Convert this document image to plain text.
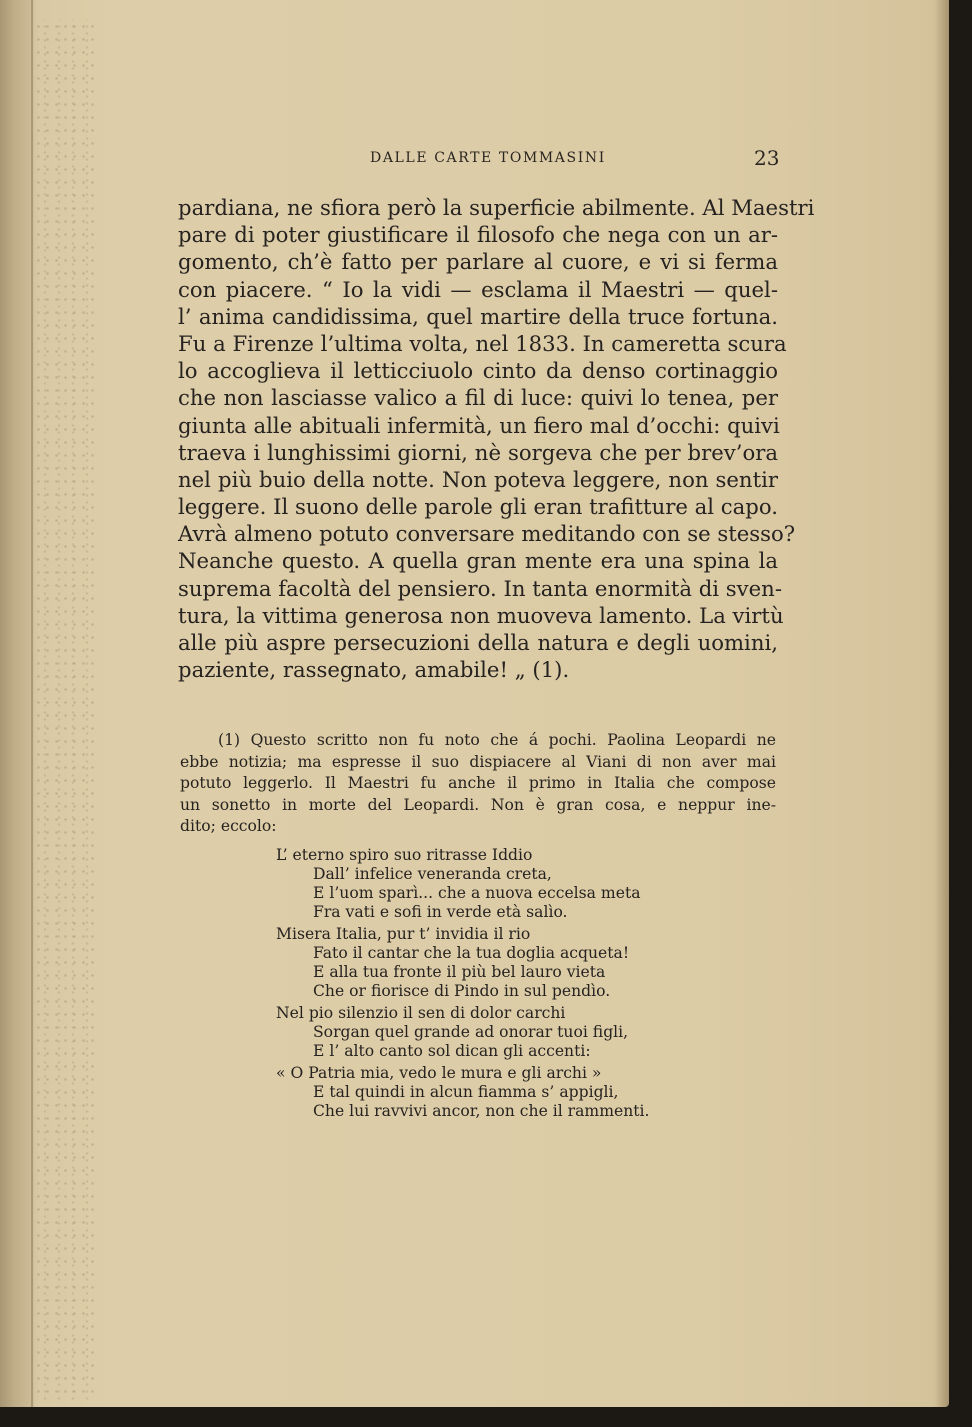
DALLE CARTE TOMMASINI	23
pardiana, ne sfiora però la superficie abilmente. Al Maestri
pare di poter giustificare il filosofo che nega con un ar-
gomento, ch’è fatto per parlare al cuore, e vi si ferma
con piacere. “ Io la vidi — esclama il Maestri — quel-
l’ anima candidissima, quel martire della truce fortuna.
Fu a Firenze l’ultima volta, nel 1833. In cameretta scura
lo accoglieva il letticciuolo cinto da denso cortinaggio
che non lasciasse valico a fil di luce: quivi lo tenea, per
giunta alle abituali infermità, un fiero mal d’occhi: quivi
traeva i lunghissimi giorni, nè sorgeva che per brev’ora
nel più buio della notte. Non poteva leggere, non sentir
leggere. Il suono delle parole gli eran trafitture al capo.
Avrà almeno potuto conversare meditando con se stesso?
Neanche questo. A quella gran mente era una spina la
suprema facoltà del pensiero. In tanta enormità di sven-
tura, la vittima generosa non muoveva lamento. La virtù
alle più aspre persecuzioni della natura e degli uomini,
paziente, rassegnato, amabile! „ (1).
(1) Questo scritto non fu noto che á pochi. Paolina Leopardi ne
ebbe notizia; ma espresse il suo dispiacere al Viani di non aver mai
potuto leggerlo. Il Maestri fu anche il primo in Italia che compose
un sonetto in morte del Leopardi. Non è gran cosa, e neppur ine-
dito; eccolo:
L’ eterno spiro suo ritrasse Iddio
Dall’ infelice veneranda creta,
E l’uom sparì... che a nuova eccelsa meta
Fra vati e sofi in verde età salìo.
Misera Italia, pur t’ invidia il rio
Fato il cantar che la tua doglia acqueta!
E alla tua fronte il più bel lauro vieta
Che or fiorisce di Pindo in sul pendìo.
Nel pio silenzio il sen di dolor carchi
Sorgan quel grande ad onorar tuoi figli,
E l’ alto canto sol dican gli accenti:
« O Patria mia, vedo le mura e gli archi »
E tal quindi in alcun fiamma s’ appigli,
Che lui ravvivi ancor, non che il rammenti.
